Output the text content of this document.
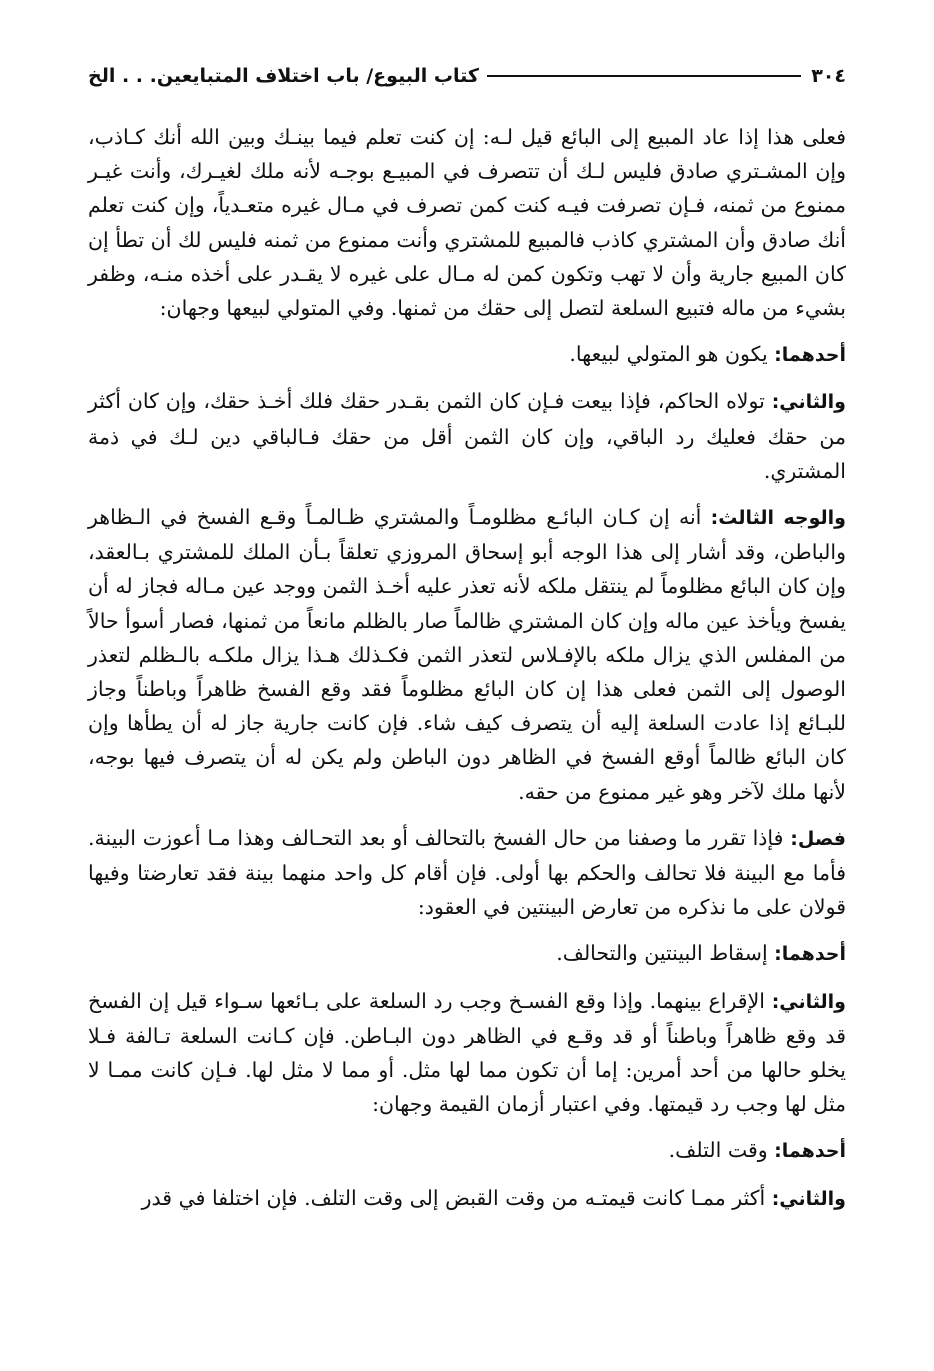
٣٠٤
كتاب البيوع/ باب اختلاف المتبايعين. . . الخ

فعلى هذا إذا عاد المبيع إلى البائع قيل لـه: إن كنت تعلم فيما بينـك وبين الله أنك كـاذب، وإن المشـتري صادق فليس لـك أن تتصرف في المبيـع بوجـه لأنه ملك لغيـرك، وأنت غيـر ممنوع من ثمنه، فـإن تصرفت فيـه كنت كمن تصرف في مـال غيره متعـدياً، وإن كنت تعلم أنك صادق وأن المشتري كاذب فالمبيع للمشتري وأنت ممنوع من ثمنه فليس لك أن تطأ إن كان المبيع جارية وأن لا تهب وتكون كمن له مـال على غيره لا يقـدر على أخذه منـه، وظفر بشيء من ماله فتبيع السلعة لتصل إلى حقك من ثمنها. وفي المتولي لبيعها وجهان:

أحدهما: يكون هو المتولي لبيعها.

والثاني: تولاه الحاكم، فإذا بيعت فـإن كان الثمن بقـدر حقك فلك أخـذ حقك، وإن كان أكثر من حقك فعليك رد الباقي، وإن كان الثمن أقل من حقك فـالباقي دين لـك في ذمة المشتري.

والوجه الثالث: أنه إن كـان البائـع مظلومـاً والمشتري ظـالمـاً وقـع الفسخ في الـظاهر والباطن، وقد أشار إلى هذا الوجه أبو إسحاق المروزي تعلقاً بـأن الملك للمشتري بـالعقد، وإن كان البائع مظلوماً لم ينتقل ملكه لأنه تعذر عليه أخـذ الثمن ووجد عين مـاله فجاز له أن يفسخ ويأخذ عين ماله وإن كان المشتري ظالماً صار بالظلم مانعاً من ثمنها، فصار أسوأ حالاً من المفلس الذي يزال ملكه بالإفـلاس لتعذر الثمن فكـذلك هـذا يزال ملكـه بالـظلم لتعذر الوصول إلى الثمن فعلى هذا إن كان البائع مظلوماً فقد وقع الفسخ ظاهراً وباطناً وجاز للبـائع إذا عادت السلعة إليه أن يتصرف كيف شاء. فإن كانت جارية جاز له أن يطأها وإن كان البائع ظالماً أوقع الفسخ في الظاهر دون الباطن ولم يكن له أن يتصرف فيها بوجه، لأنها ملك لآخر وهو غير ممنوع من حقه.

فصل: فإذا تقرر ما وصفنا من حال الفسخ بالتحالف أو بعد التحـالف وهذا مـا أعوزت البينة. فأما مع البينة فلا تحالف والحكم بها أولى. فإن أقام كل واحد منهما بينة فقد تعارضتا وفيها قولان على ما نذكره من تعارض البينتين في العقود:

أحدهما: إسقاط البينتين والتحالف.

والثاني: الإقراع بينهما. وإذا وقع الفسـخ وجب رد السلعة على بـائعها سـواء قيل إن الفسخ قد وقع ظاهراً وباطناً أو قد وقـع في الظاهر دون البـاطن. فإن كـانت السلعة تـالفة فـلا يخلو حالها من أحد أمرين: إما أن تكون مما لها مثل. أو مما لا مثل لها. فـإن كانت ممـا لا مثل لها وجب رد قيمتها. وفي اعتبار أزمان القيمة وجهان:

أحدهما: وقت التلف.

والثاني: أكثر ممـا كانت قيمتـه من وقت القبض إلى وقت التلف. فإن اختلفا في قدر
